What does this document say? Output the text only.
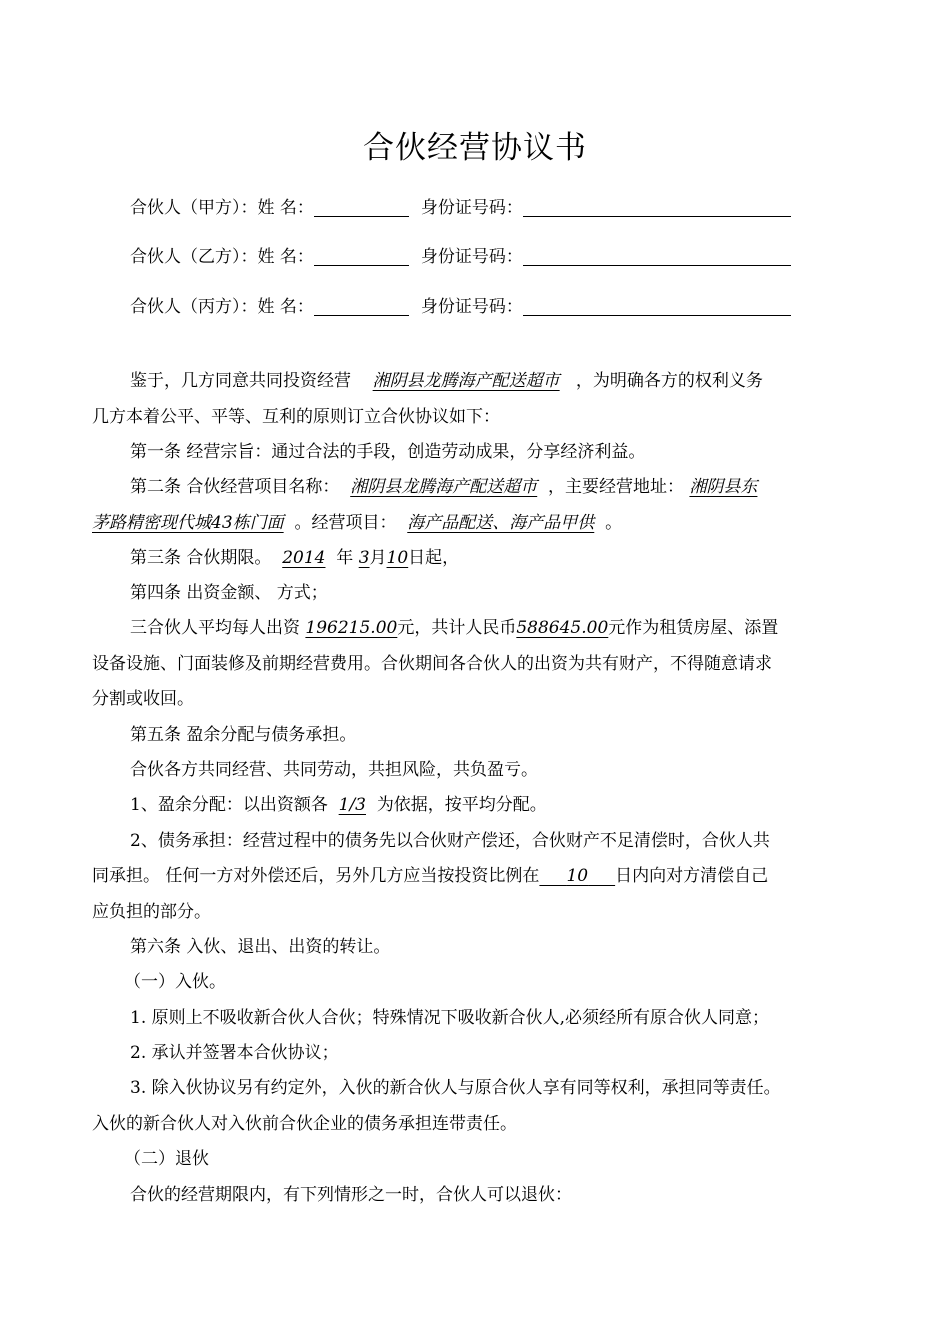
合伙经营协议书
合伙人（甲方）：姓 名：	身份证号码：
合伙人（乙方）：姓 名：	身份证号码：
合伙人（丙方）：姓 名：	身份证号码：
鉴于，几方同意共同投资经营 湘阴县龙腾海产配送超市 ，为明确各方的权利义务
几方本着公平、平等、互利的原则订立合伙协议如下：
第一条 经营宗旨：通过合法的手段，创造劳动成果，分享经济利益。
第二条 合伙经营项目名称： 湘阴县龙腾海产配送超市 ，主要经营地址： 湘阴县东
茅路精密现代城43栋门面 。经营项目： 海产品配送、海产品甲供 。
第三条 合伙期限。 2014 年 3月10日起，
第四条 出资金额、 方式；
三合伙人平均每人出资 196215.00元，共计人民币588645.00元作为租赁房屋、添置
设备设施、门面装修及前期经营费用。合伙期间各合伙人的出资为共有财产，不得随意请求
分割或收回。
第五条 盈余分配与债务承担。
合伙各方共同经营、共同劳动，共担风险，共负盈亏。
1、盈余分配：以出资额各 1/3 为依据，按平均分配。
2、债务承担：经营过程中的债务先以合伙财产偿还，合伙财产不足清偿时，合伙人共
同承担。 任何一方对外偿还后，另外几方应当按投资比例在 10 日内向对方清偿自己
应负担的部分。
第六条 入伙、退出、出资的转让。
（一）入伙。
1. 原则上不吸收新合伙人合伙；特殊情况下吸收新合伙人,必须经所有原合伙人同意；
2. 承认并签署本合伙协议；
3. 除入伙协议另有约定外，入伙的新合伙人与原合伙人享有同等权利，承担同等责任。
入伙的新合伙人对入伙前合伙企业的债务承担连带责任。
（二）退伙
合伙的经营期限内，有下列情形之一时，合伙人可以退伙：
